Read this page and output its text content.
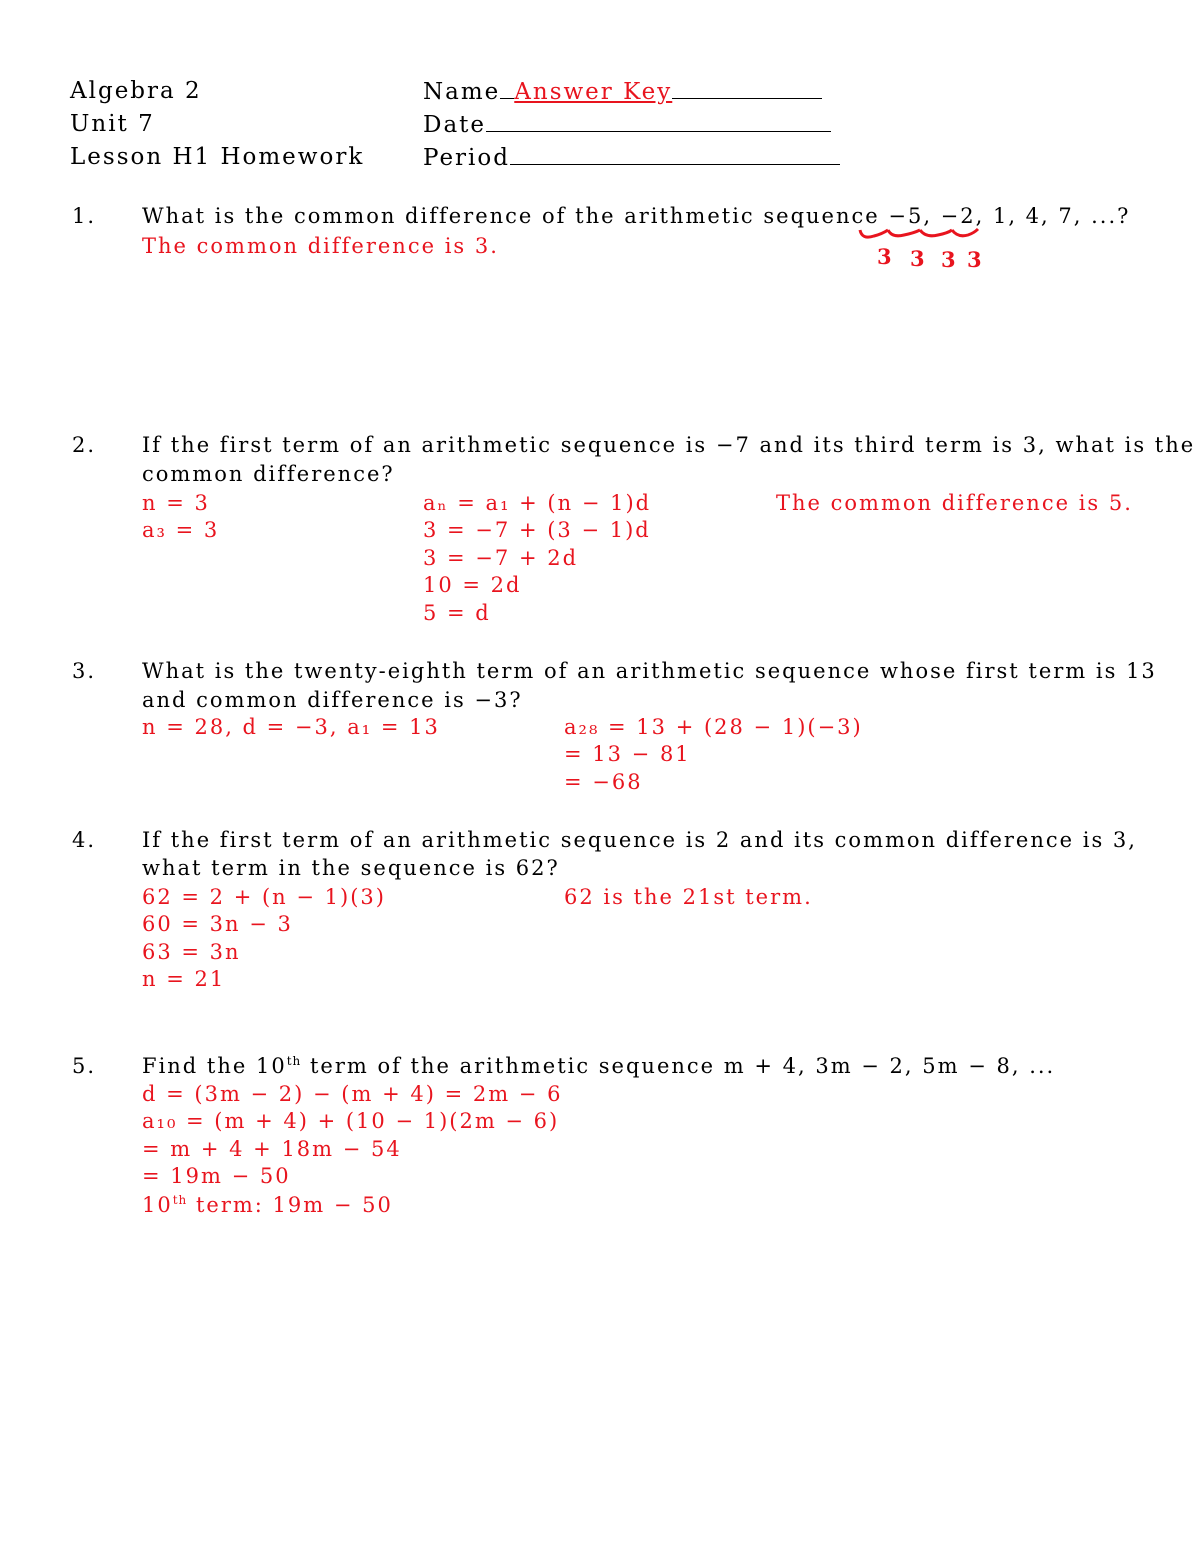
Algebra 2
Unit 7
Lesson H1 Homework
Name Answer Key
Date
Period
1. What is the common difference of the arithmetic sequence −5, −2, 1, 4, 7, ...?
The common difference is 3.	3 3 3 3
2. If the first term of an arithmetic sequence is −7 and its third term is 3, what is the
common difference?
n = 3
a₃ = 3
aₙ = a₁ + (n − 1)d
3 = −7 + (3 − 1)d
3 = −7 + 2d
10 = 2d
5 = d
The common difference is 5.
3. What is the twenty-eighth term of an arithmetic sequence whose first term is 13
and common difference is −3?
n = 28, d = −3, a₁ = 13	a₂₈ = 13 + (28 − 1)(−3)
= 13 − 81
= −68
4. If the first term of an arithmetic sequence is 2 and its common difference is 3,
what term in the sequence is 62?
62 = 2 + (n − 1)(3)
60 = 3n − 3
63 = 3n
n = 21
62 is the 21st term.
5. Find the 10th term of the arithmetic sequence m + 4, 3m − 2, 5m − 8, ...
d = (3m − 2) − (m + 4) = 2m − 6
a₁₀ = (m + 4) + (10 − 1)(2m − 6)
= m + 4 + 18m − 54
= 19m − 50
10th term: 19m − 50
